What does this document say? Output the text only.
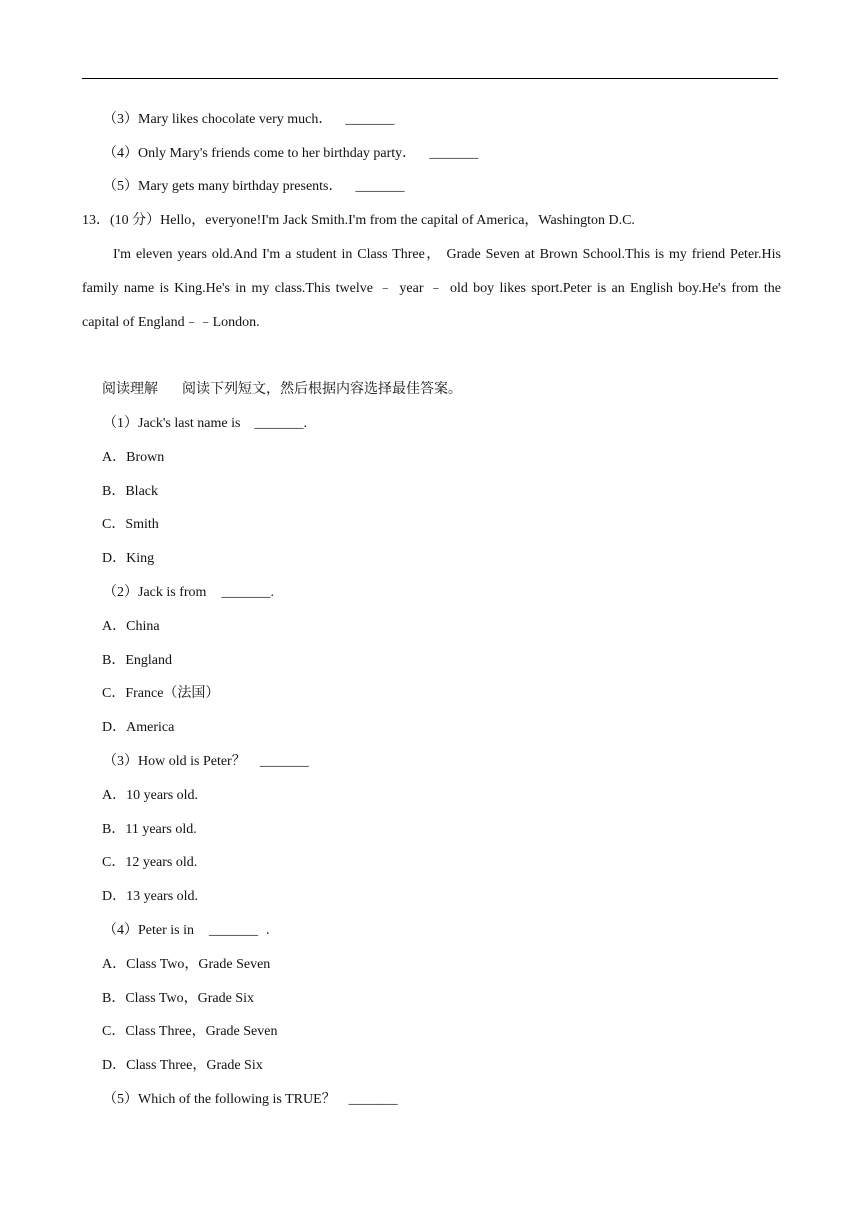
（3）Mary likes chocolate very much． _______
（4）Only Mary's friends come to her birthday party． _______
（5）Mary gets many birthday presents． _______
13．(10 分）Hello，everyone!I'm Jack Smith.I'm from the capital of America，Washington D.C.
I'm eleven years old.And I'm a student in Class Three， Grade Seven at Brown School.This is my friend Peter.His family name is King.He's in my class.This twelve ﹣ year ﹣ old boy likes sport.Peter is an English boy.He's from the capital of England﹣﹣London.
阅读理解 阅读下列短文，然后根据内容选择最佳答案。
（1）Jack's last name is _______.
A．Brown
B．Black
C．Smith
D．King
（2）Jack is from _______.
A．China
B．England
C．France（法国）
D．America
（3）How old is Peter？ _______
A．10 years old.
B．11 years old.
C．12 years old.
D．13 years old.
（4）Peter is in _______ .
A．Class Two，Grade Seven
B．Class Two，Grade Six
C．Class Three，Grade Seven
D．Class Three，Grade Six
（5）Which of the following is TRUE？ _______
